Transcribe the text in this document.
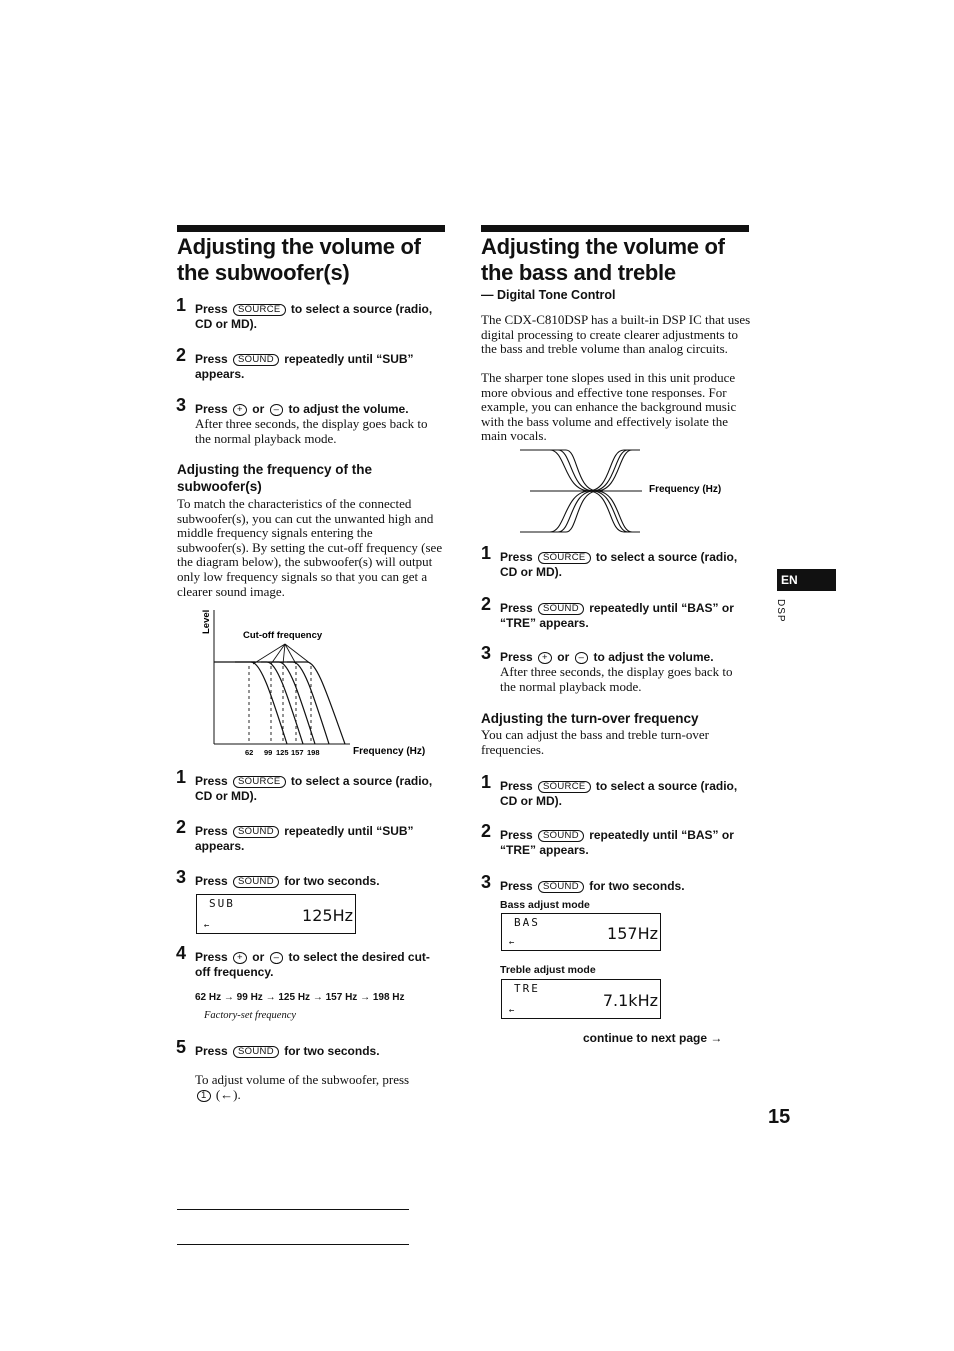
Adjusting the volume of
the subwoofer(s)
1 Press SOURCE to select a source (radio,
CD or MD).
2 Press SOUND repeatedly until “SUB”
appears.
3 Press + or – to adjust the volume.
After three seconds, the display goes back to the normal playback mode.
Adjusting the frequency of the subwoofer(s)
To match the characteristics of the connected subwoofer(s), you can cut the unwanted high and middle frequency signals entering the subwoofer(s). By setting the cut-off frequency (see the diagram below), the subwoofer(s) will output only low frequency signals so that you can get a clearer sound image.
Level
Cut-off frequency
62 99 125 157 198	Frequency (Hz)
1 Press SOURCE to select a source (radio,
CD or MD).
2 Press SOUND repeatedly until “SUB”
appears.
3 Press SOUND for two seconds.
SUB
125Hz
←
4 Press + or – to select the desired cut-
off frequency.
62 Hz → 99 Hz → 125 Hz → 157 Hz → 198 Hz
Factory-set frequency
5 Press SOUND for two seconds.
To adjust volume of the subwoofer, press
1 (←).
Adjusting the volume of
the bass and treble
— Digital Tone Control
The CDX-C810DSP has a built-in DSP IC that uses digital processing to create clearer adjustments to the bass and treble volume than analog circuits.
The sharper tone slopes used in this unit produce more obvious and effective tone responses. For example, you can enhance the background music with the bass volume and effectively isolate the main vocals.
Frequency (Hz)
1 Press SOURCE to select a source (radio,
CD or MD).
2 Press SOUND repeatedly until “BAS” or
“TRE” appears.
3 Press + or – to adjust the volume.
After three seconds, the display goes back to the normal playback mode.
Adjusting the turn-over frequency
You can adjust the bass and treble turn-over frequencies.
1 Press SOURCE to select a source (radio,
CD or MD).
2 Press SOUND repeatedly until “BAS” or
“TRE” appears.
3 Press SOUND for two seconds.
Bass adjust mode
BAS
157Hz
←
Treble adjust mode
TRE
7.1kHz
←
continue to next page →
EN
DSP
15
